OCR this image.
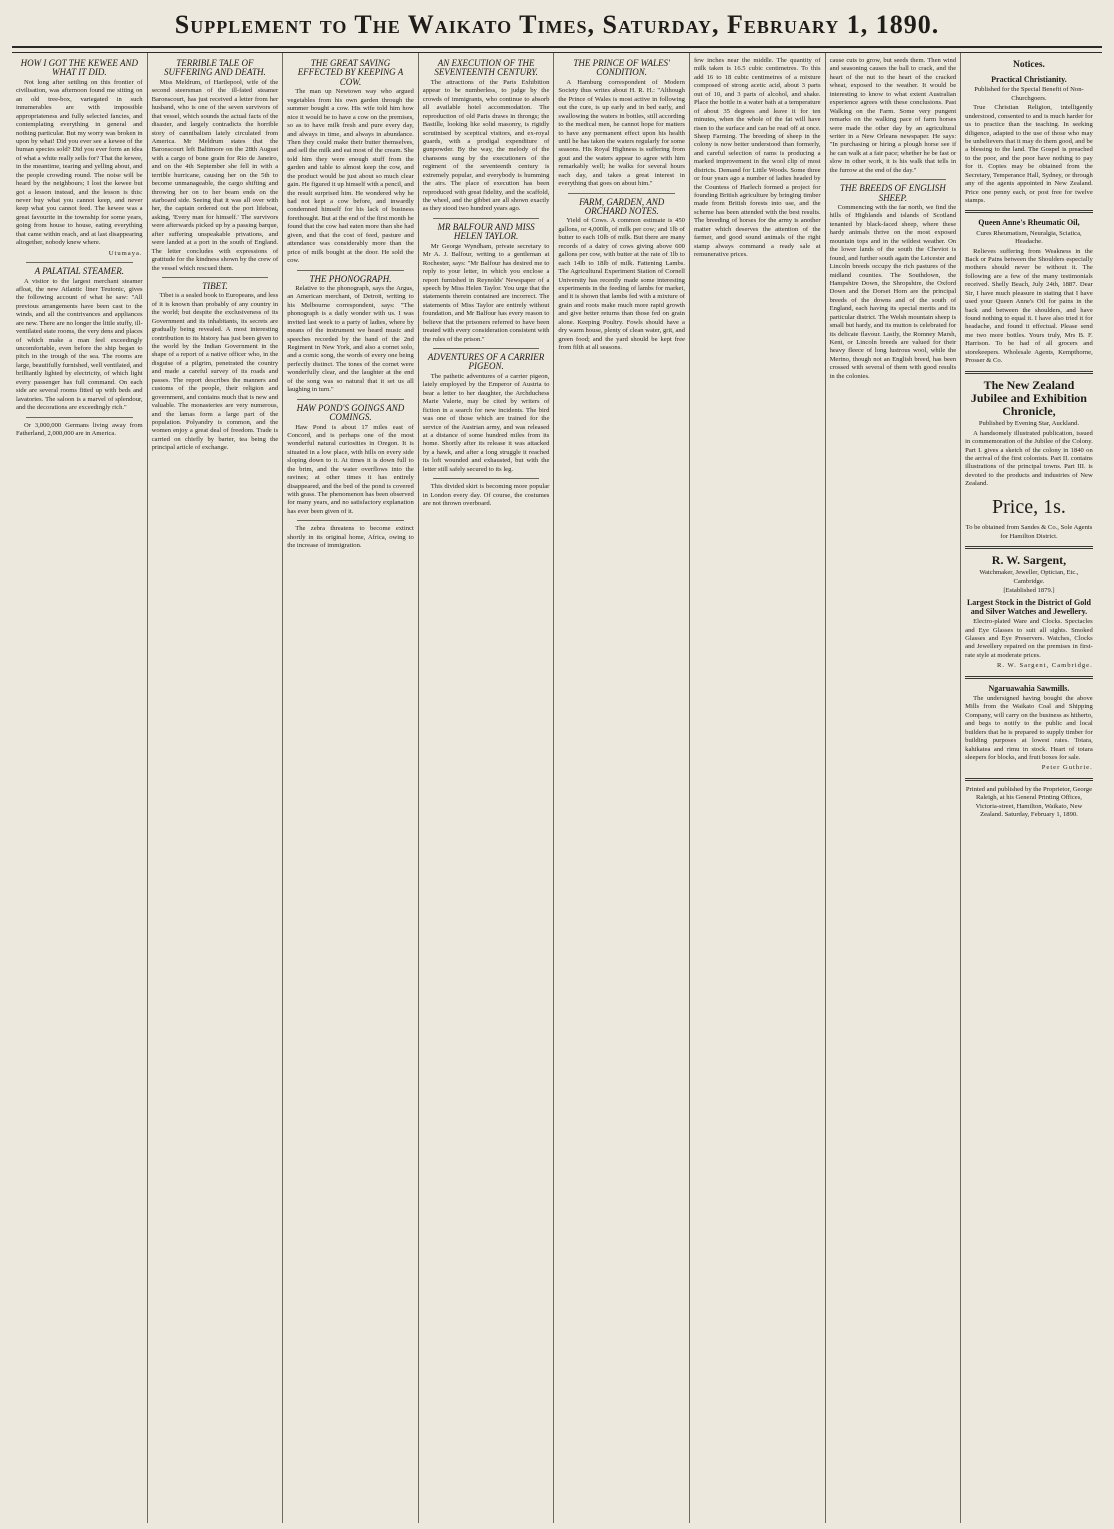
Supplement to The Waikato Times, Saturday, February 1, 1890.
HOW I GOT THE KEWEE AND WHAT IT DID.

Not long after settling on this frontier of civilisation, was afternoon found me sitting on an old tree-box, variegated in such innumerables are with impossible appropriateness and fully selected fancies, and contemplating everything in general and nothing particular. But my worry was broken in upon by what! Did you ever see a kewee of the human species sold? Did you ever form an idea of what a white really sells for? That the kewee, in the meantime, tearing and yelling about, and the people crowding round. The noise will be heard by the neighbours; I lost the kewee but got a lesson instead, and the lesson is this: never buy what you cannot keep, and never keep what you cannot feed. The kewee was a great favourite in the township for some years, going from house to house, eating everything that came within reach, and at last disappearing altogether, nobody knew where.

Utumaya.
A PALATIAL STEAMER.

A visitor to the largest merchant steamer afloat, the new Atlantic liner Teutonic, gives the following account of what he saw: "All previous arrangements have been cast to the winds, and all the contrivances and appliances are new. There are no longer the little stuffy, ill-ventilated state rooms, the very dens and places of which make a man feel exceedingly uncomfortable, even before the ship began to pitch in the trough of the sea. The rooms are large, beautifully furnished, well ventilated, and brilliantly lighted by electricity, of which light every passenger has full command. On each side are several rooms fitted up with beds and lavatories. The saloon is a marvel of splendour, and the decorations are exceedingly rich."

Or 3,000,000 Germans living away from Fatherland, 2,000,000 are in America.

TERRIBLE TALE OF SUFFERING AND DEATH.

Miss Meldrum, of Hartlepool, wife of the second steersman of the ill-fated steamer Baronscourt, has just received a letter from her husband, who is one of the seven survivors of that vessel, which sounds the actual facts of the disaster, and largely contradicts the horrible story of cannibalism lately circulated from America. Mr Meldrum states that the Baronscourt left Baltimore on the 28th August with a cargo of bone grain for Rio de Janeiro, and on the 4th September she fell in with a terrible hurricane, causing her on the 5th to become unmanageable, the cargo shifting and throwing her on to her beam ends on the starboard side. Seeing that it was all over with her, the captain ordered out the port lifeboat, asking, 'Every man for himself.' The survivors were afterwards picked up by a passing barque, after suffering unspeakable privations, and were landed at a port in the south of England. The letter concludes with expressions of gratitude for the kindness shown by the crew of the vessel which rescued them.

TIBET.

Tibet is a sealed book to Europeans, and less of it is known than probably of any country in the world; but despite the exclusiveness of its Government and its inhabitants, its secrets are gradually being revealed. A most interesting contribution to its history has just been given to the world by the Indian Government in the shape of a report of a native officer who, in the disguise of a pilgrim, penetrated the country and made a careful survey of its roads and passes. The report describes the manners and customs of the people, their religion and government, and contains much that is new and valuable. The monasteries are very numerous, and the lamas form a large part of the population. Polyandry is common, and the women enjoy a great deal of freedom. Trade is carried on chiefly by barter, tea being the principal article of exchange.

THE GREAT SAVING EFFECTED BY KEEPING A COW.

The man up Newtown way who argued vegetables from his own garden through the summer bought a cow. His wife told him how nice it would be to have a cow on the premises, so as to have milk fresh and pure every day, and always in time, and always in abundance. Then they could make their butter themselves, and sell the milk and eat most of the cream. She told him they were enough stuff from the garden and table to almost keep the cow, and the product would be just about so much clear gain. He figured it up himself with a pencil, and the result surprised him. He wondered why he had not kept a cow before, and inwardly condemned himself for his lack of business forethought. But at the end of the first month he found that the cow had eaten more than she had given, and that the cost of feed, pasture and attendance was considerably more than the price of milk bought at the door. He sold the cow.

THE PHONOGRAPH.

Relative to the phonograph, says the Argus, an American merchant, of Detroit, writing to his Melbourne correspondent, says: "The phonograph is a daily wonder with us. I was invited last week to a party of ladies, where by means of the instrument we heard music and speeches recorded by the band of the 2nd Regiment in New York, and also a cornet solo, and a comic song, the words of every one being perfectly distinct. The tones of the cornet were wonderfully clear, and the laughter at the end of the song was so natural that it set us all laughing in turn."

HAW POND'S GOINGS AND COMINGS.

Haw Pond is about 17 miles east of Concord, and is perhaps one of the most wonderful natural curiosities in Oregon. It is situated in a low place, with hills on every side sloping down to it. At times it is down full to the brim, and the water overflows into the ravines; at other times it has entirely disappeared, and the bed of the pond is covered with grass. The phenomenon has been observed for many years, and no satisfactory explanation has ever been given of it.

The zebra threatens to become extinct shortly in its original home, Africa, owing to the increase of immigration.

AN EXECUTION OF THE SEVENTEENTH CENTURY.

The attractions of the Paris Exhibition appear to be numberless, to judge by the crowds of immigrants, who continue to absorb all available hotel accommodation. The reproduction of old Paris draws in throngs; the Bastille, looking like solid masonry, is rigidly scrutinised by sceptical visitors, and ex-royal guards, with a prodigal expenditure of gunpowder. By the way, the melody of the chansons sung by the executioners of the regiment of the seventeenth century is extremely popular, and everybody is humming the airs. The place of execution has been reproduced with great fidelity, and the scaffold, the wheel, and the gibbet are all shown exactly as they stood two hundred years ago.

MR BALFOUR AND MISS HELEN TAYLOR.

Mr George Wyndham, private secretary to Mr A. J. Balfour, writing to a gentleman at Rochester, says: "Mr Balfour has desired me to reply to your letter, in which you enclose a report furnished in Reynolds' Newspaper of a speech by Miss Helen Taylor. You urge that the statements therein contained are incorrect. The statements of Miss Taylor are entirely without foundation, and Mr Balfour has every reason to believe that the prisoners referred to have been treated with every consideration consistent with the rules of the prison."

ADVENTURES OF A CARRIER PIGEON.

The pathetic adventures of a carrier pigeon, lately employed by the Emperor of Austria to bear a letter to her daughter, the Archduchess Marie Valerie, may be cited by writers of fiction in a search for new incidents. The bird was one of those which are trained for the service of the Austrian army, and was released at a distance of some hundred miles from its home. Shortly after its release it was attacked by a hawk, and after a long struggle it reached its loft wounded and exhausted, but with the letter still safely secured to its leg.

This divided skirt is becoming more popular in London every day. Of course, the costumes are not thrown overboard.

THE PRINCE OF WALES' CONDITION.

A Hamburg correspondent of Modern Society thus writes about H. R. H.: "Although the Prince of Wales is most active in following out the cure, is up early and in bed early, and swallowing the waters in bottles, still according to the medical men, he cannot hope for matters to have any permanent effect upon his health until he has taken the waters regularly for some seasons. His Royal Highness is suffering from gout and the waters appear to agree with him remarkably well; he walks for several hours each day, and takes a great interest in everything that goes on about him."

FARM, GARDEN, AND ORCHARD NOTES.

Yield of Cows. A common estimate is 450 gallons, or 4,000lb, of milk per cow; and 1lb of butter to each 10lb of milk. But there are many records of a dairy of cows giving above 600 gallons per cow, with butter at the rate of 1lb to each 14lb to 18lb of milk. Fattening Lambs. The Agricultural Experiment Station of Cornell University has recently made some interesting experiments in the feeding of lambs for market, and it is shown that lambs fed with a mixture of grain and roots make much more rapid growth and give better returns than those fed on grain alone. Keeping Poultry. Fowls should have a dry warm house, plenty of clean water, grit, and green food; and the yard should be kept free from filth at all seasons.

few inches near the middle. The quantity of milk taken is 16.5 cubic centimetres. To this add 16 to 18 cubic centimetres of a mixture composed of strong acetic acid, about 3 parts out of 10, and 3 parts of alcohol, and shake. Place the bottle in a water bath at a temperature of about 35 degrees and leave it for ten minutes, when the whole of the fat will have risen to the surface and can be read off at once. Sheep Farming. The breeding of sheep in the colony is now better understood than formerly, and careful selection of rams is producing a marked improvement in the wool clip of most districts. Demand for Little Woods. Some three or four years ago a number of ladies headed by the Countess of Harlech formed a project for founding British agriculture by bringing timber made from British forests into use, and the scheme has been attended with the best results. The breeding of horses for the army is another matter which deserves the attention of the farmer, and good sound animals of the right stamp always command a ready sale at remunerative prices.

cause cuts to grow, but seeds them. Then wind and seasoning causes the ball to crack, and the heart of the nut to the heart of the cracked wheat, exposed to the weather. It would be interesting to know to what extent Australian experience agrees with these conclusions. Past Walking on the Farm. Some very pungent remarks on the walking pace of farm horses were made the other day by an agricultural writer in a New Orleans newspaper. He says: "In purchasing or hiring a plough horse see if he can walk at a fair pace; whether he be fast or slow in other work, it is his walk that tells in the furrow at the end of the day."

THE BREEDS OF ENGLISH SHEEP.

Commencing with the far north, we find the hills of Highlands and islands of Scotland tenanted by black-faced sheep, where these hardy animals thrive on the most exposed mountain tops and in the wildest weather. On the lower lands of the south the Cheviot is found, and further south again the Leicester and Lincoln breeds occupy the rich pastures of the midland counties. The Southdown, the Hampshire Down, the Shropshire, the Oxford Down and the Dorset Horn are the principal breeds of the downs and of the south of England, each having its special merits and its particular district. The Welsh mountain sheep is small but hardy, and its mutton is celebrated for its delicate flavour. Lastly, the Romney Marsh, Kent, or Lincoln breeds are valued for their heavy fleece of long lustrous wool, while the Merino, though not an English breed, has been crossed with several of them with good results in the colonies.

Notices.
Practical Christianity.
Published for the Special Benefit of Non-Churchgoers.

True Christian Religion, intelligently understood, consented to and is much harder for us to practice than the teaching. In seeking diligence, adapted to the use of those who may be unbelievers that it may do them good, and be a blessing to the land. The Gospel is preached to the poor, and the poor have nothing to pay for it. Copies may be obtained from the Secretary, Temperance Hall, Sydney, or through any of the agents appointed in New Zealand. Price one penny each, or post free for twelve stamps.

Queen Anne's Rheumatic Oil,
Cures Rheumatism, Neuralgia, Sciatica, Headache.

Relieves suffering from Weakness in the Back or Pains between the Shoulders especially mothers should never be without it. The following are a few of the many testimonials received. Shelly Beach, July 24th, 1887. Dear Sir, I have much pleasure in stating that I have used your Queen Anne's Oil for pains in the back and between the shoulders, and have found nothing to equal it. I have also tried it for headache, and found it effectual. Please send me two more bottles. Yours truly, Mrs B. F. Harrison. To be had of all grocers and storekeepers. Wholesale Agents, Kempthorne, Prosser & Co.

The New Zealand Jubilee and Exhibition Chronicle,
Published by Evening Star, Auckland.

A handsomely illustrated publication, issued in commemoration of the Jubilee of the Colony. Part I. gives a sketch of the colony in 1840 on the arrival of the first colonists. Part II. contains illustrations of the principal towns. Part III. is devoted to the products and industries of New Zealand.

Price, 1s.
To be obtained from Sandes & Co., Sole Agents for Hamilton District.
R. W. Sargent,
Watchmaker, Jeweller, Optician, Etc., Cambridge.
[Established 1879.]
Largest Stock in the District of Gold and Silver Watches and Jewellery.

Electro-plated Ware and Clocks. Spectacles and Eye Glasses to suit all sights. Smoked Glasses and Eye Preservers. Watches, Clocks and Jewellery repaired on the premises in first-rate style at moderate prices.

R. W. Sargent, Cambridge.
Ngaruawahia Sawmills.

The undersigned having bought the above Mills from the Waikato Coal and Shipping Company, will carry on the business as hitherto, and begs to notify to the public and local builders that he is prepared to supply timber for building purposes at lowest rates. Totara, kahikatea and rimu in stock. Heart of totara sleepers for blocks, and fruit boxes for sale.

Peter Guthrie.

Printed and published by the Proprietor, George Raleigh, at his General Printing Offices, Victoria-street, Hamilton, Waikato, New Zealand. Saturday, February 1, 1890.
